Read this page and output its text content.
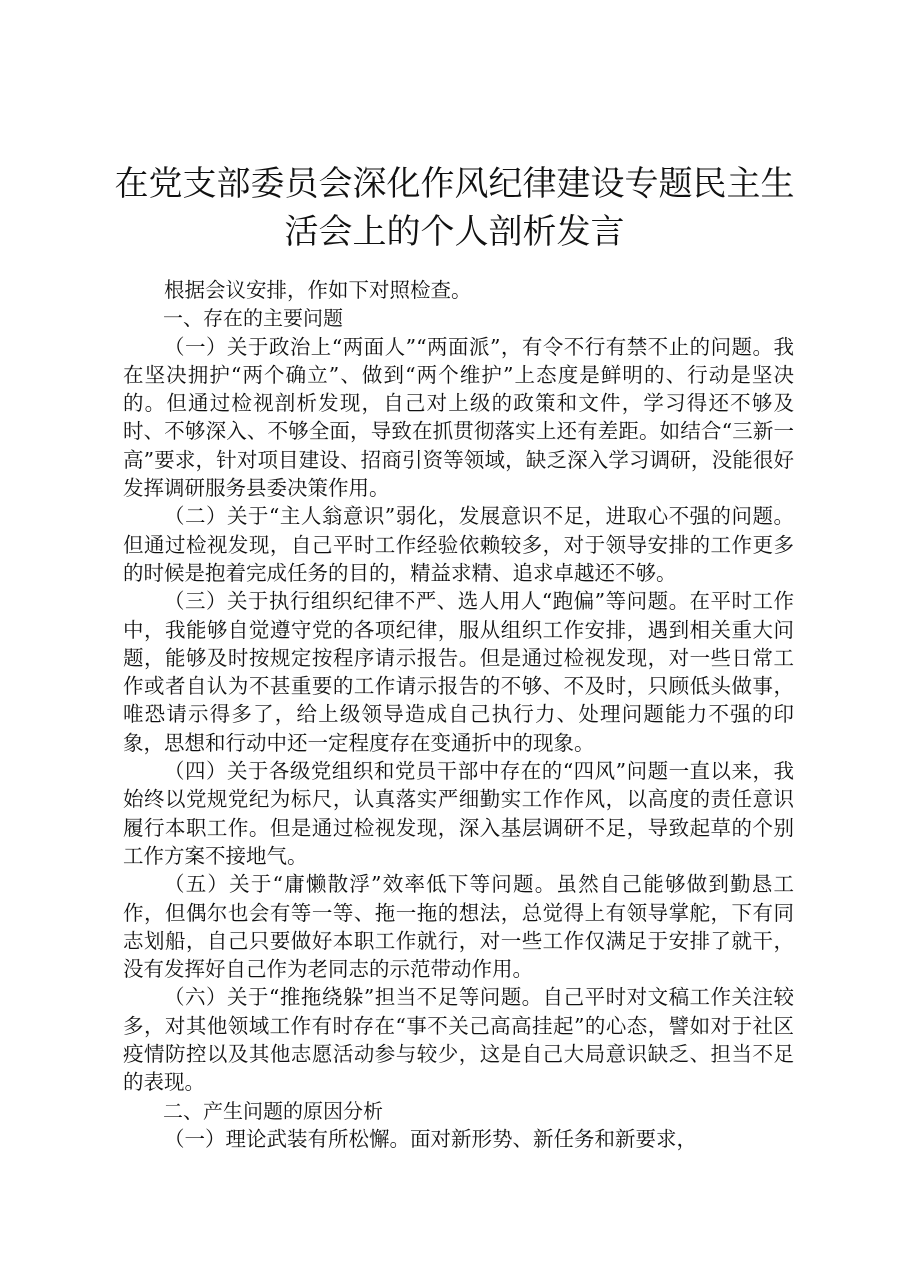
在党支部委员会深化作风纪律建设专题民主生活会上的个人剖析发言

根据会议安排，作如下对照检查。

一、存在的主要问题

（一）关于政治上“两面人”“两面派”，有令不行有禁不止的问题。我在坚决拥护“两个确立”、做到“两个维护”上态度是鲜明的、行动是坚决的。但通过检视剖析发现，自己对上级的政策和文件，学习得还不够及时、不够深入、不够全面，导致在抓贯彻落实上还有差距。如结合“三新一高”要求，针对项目建设、招商引资等领域，缺乏深入学习调研，没能很好发挥调研服务县委决策作用。

（二）关于“主人翁意识”弱化，发展意识不足，进取心不强的问题。但通过检视发现，自己平时工作经验依赖较多，对于领导安排的工作更多的时候是抱着完成任务的目的，精益求精、追求卓越还不够。

（三）关于执行组织纪律不严、选人用人“跑偏”等问题。在平时工作中，我能够自觉遵守党的各项纪律，服从组织工作安排，遇到相关重大问题，能够及时按规定按程序请示报告。但是通过检视发现，对一些日常工作或者自认为不甚重要的工作请示报告的不够、不及时，只顾低头做事，唯恐请示得多了，给上级领导造成自己执行力、处理问题能力不强的印象，思想和行动中还一定程度存在变通折中的现象。

（四）关于各级党组织和党员干部中存在的“四风”问题一直以来，我始终以党规党纪为标尺，认真落实严细勤实工作作风，以高度的责任意识履行本职工作。但是通过检视发现，深入基层调研不足，导致起草的个别工作方案不接地气。

（五）关于“庸懒散浮”效率低下等问题。虽然自己能够做到勤恳工作，但偶尔也会有等一等、拖一拖的想法，总觉得上有领导掌舵，下有同志划船，自己只要做好本职工作就行，对一些工作仅满足于安排了就干，没有发挥好自己作为老同志的示范带动作用。

（六）关于“推拖绕躲”担当不足等问题。自己平时对文稿工作关注较多，对其他领域工作有时存在“事不关己高高挂起”的心态，譬如对于社区疫情防控以及其他志愿活动参与较少，这是自己大局意识缺乏、担当不足的表现。

二、产生问题的原因分析

（一）理论武装有所松懈。面对新形势、新任务和新要求，
